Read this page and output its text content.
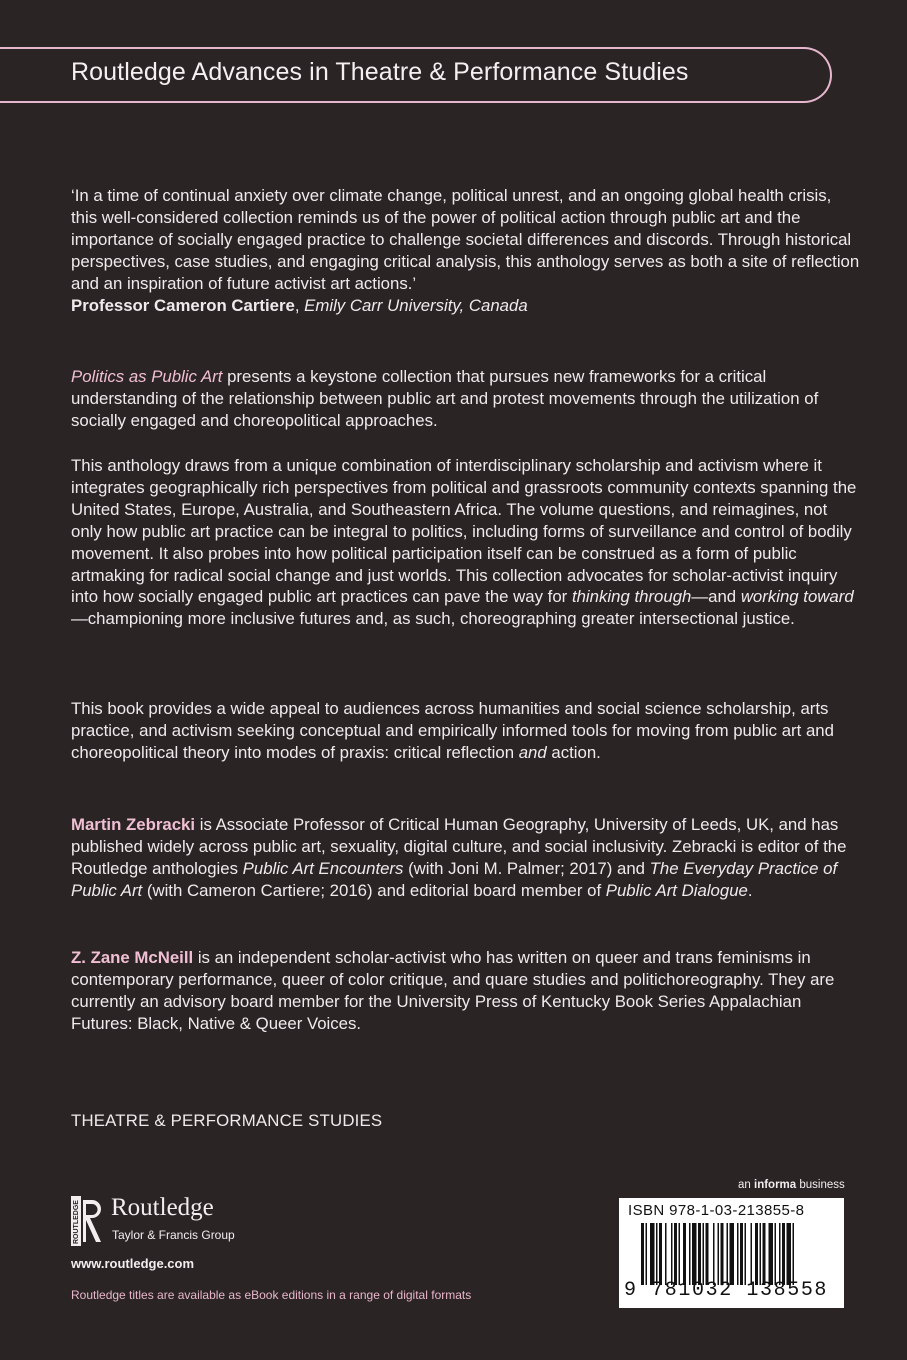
Routledge Advances in Theatre & Performance Studies

‘In a time of continual anxiety over climate change, political unrest, and an ongoing global health crisis, this well-considered collection reminds us of the power of political action through public art and the importance of socially engaged practice to challenge societal differences and discords. Through historical perspectives, case studies, and engaging critical analysis, this anthology serves as both a site of reflection and an inspiration of future activist art actions.’

Professor Cameron Cartiere, Emily Carr University, Canada

Politics as Public Art presents a keystone collection that pursues new frameworks for a critical understanding of the relationship between public art and protest movements through the utilization of socially engaged and choreopolitical approaches.

This anthology draws from a unique combination of interdisciplinary scholarship and activism where it integrates geographically rich perspectives from political and grassroots community contexts spanning the United States, Europe, Australia, and Southeastern Africa. The volume questions, and reimagines, not only how public art practice can be integral to politics, including forms of surveillance and control of bodily movement. It also probes into how political participation itself can be construed as a form of public artmaking for radical social change and just worlds. This collection advocates for scholar-activist inquiry into how socially engaged public art practices can pave the way for thinking through—and working toward—championing more inclusive futures and, as such, choreographing greater intersectional justice.

This book provides a wide appeal to audiences across humanities and social science scholarship, arts practice, and activism seeking conceptual and empirically informed tools for moving from public art and choreopolitical theory into modes of praxis: critical reflection and action.

Martin Zebracki is Associate Professor of Critical Human Geography, University of Leeds, UK, and has published widely across public art, sexuality, digital culture, and social inclusivity. Zebracki is editor of the Routledge anthologies Public Art Encounters (with Joni M. Palmer; 2017) and The Everyday Practice of Public Art (with Cameron Cartiere; 2016) and editorial board member of Public Art Dialogue.

Z. Zane McNeill is an independent scholar-activist who has written on queer and trans feminisms in contemporary performance, queer of color critique, and quare studies and politichoreography. They are currently an advisory board member for the University Press of Kentucky Book Series Appalachian Futures: Black, Native & Queer Voices.

THEATRE & PERFORMANCE STUDIES
ROUTLEDGE Routledge
Taylor & Francis Group
www.routledge.com
Routledge titles are available as eBook editions in a range of digital formats
an informa business
ISBN 978-1-03-213855-8
9 781032 138558
